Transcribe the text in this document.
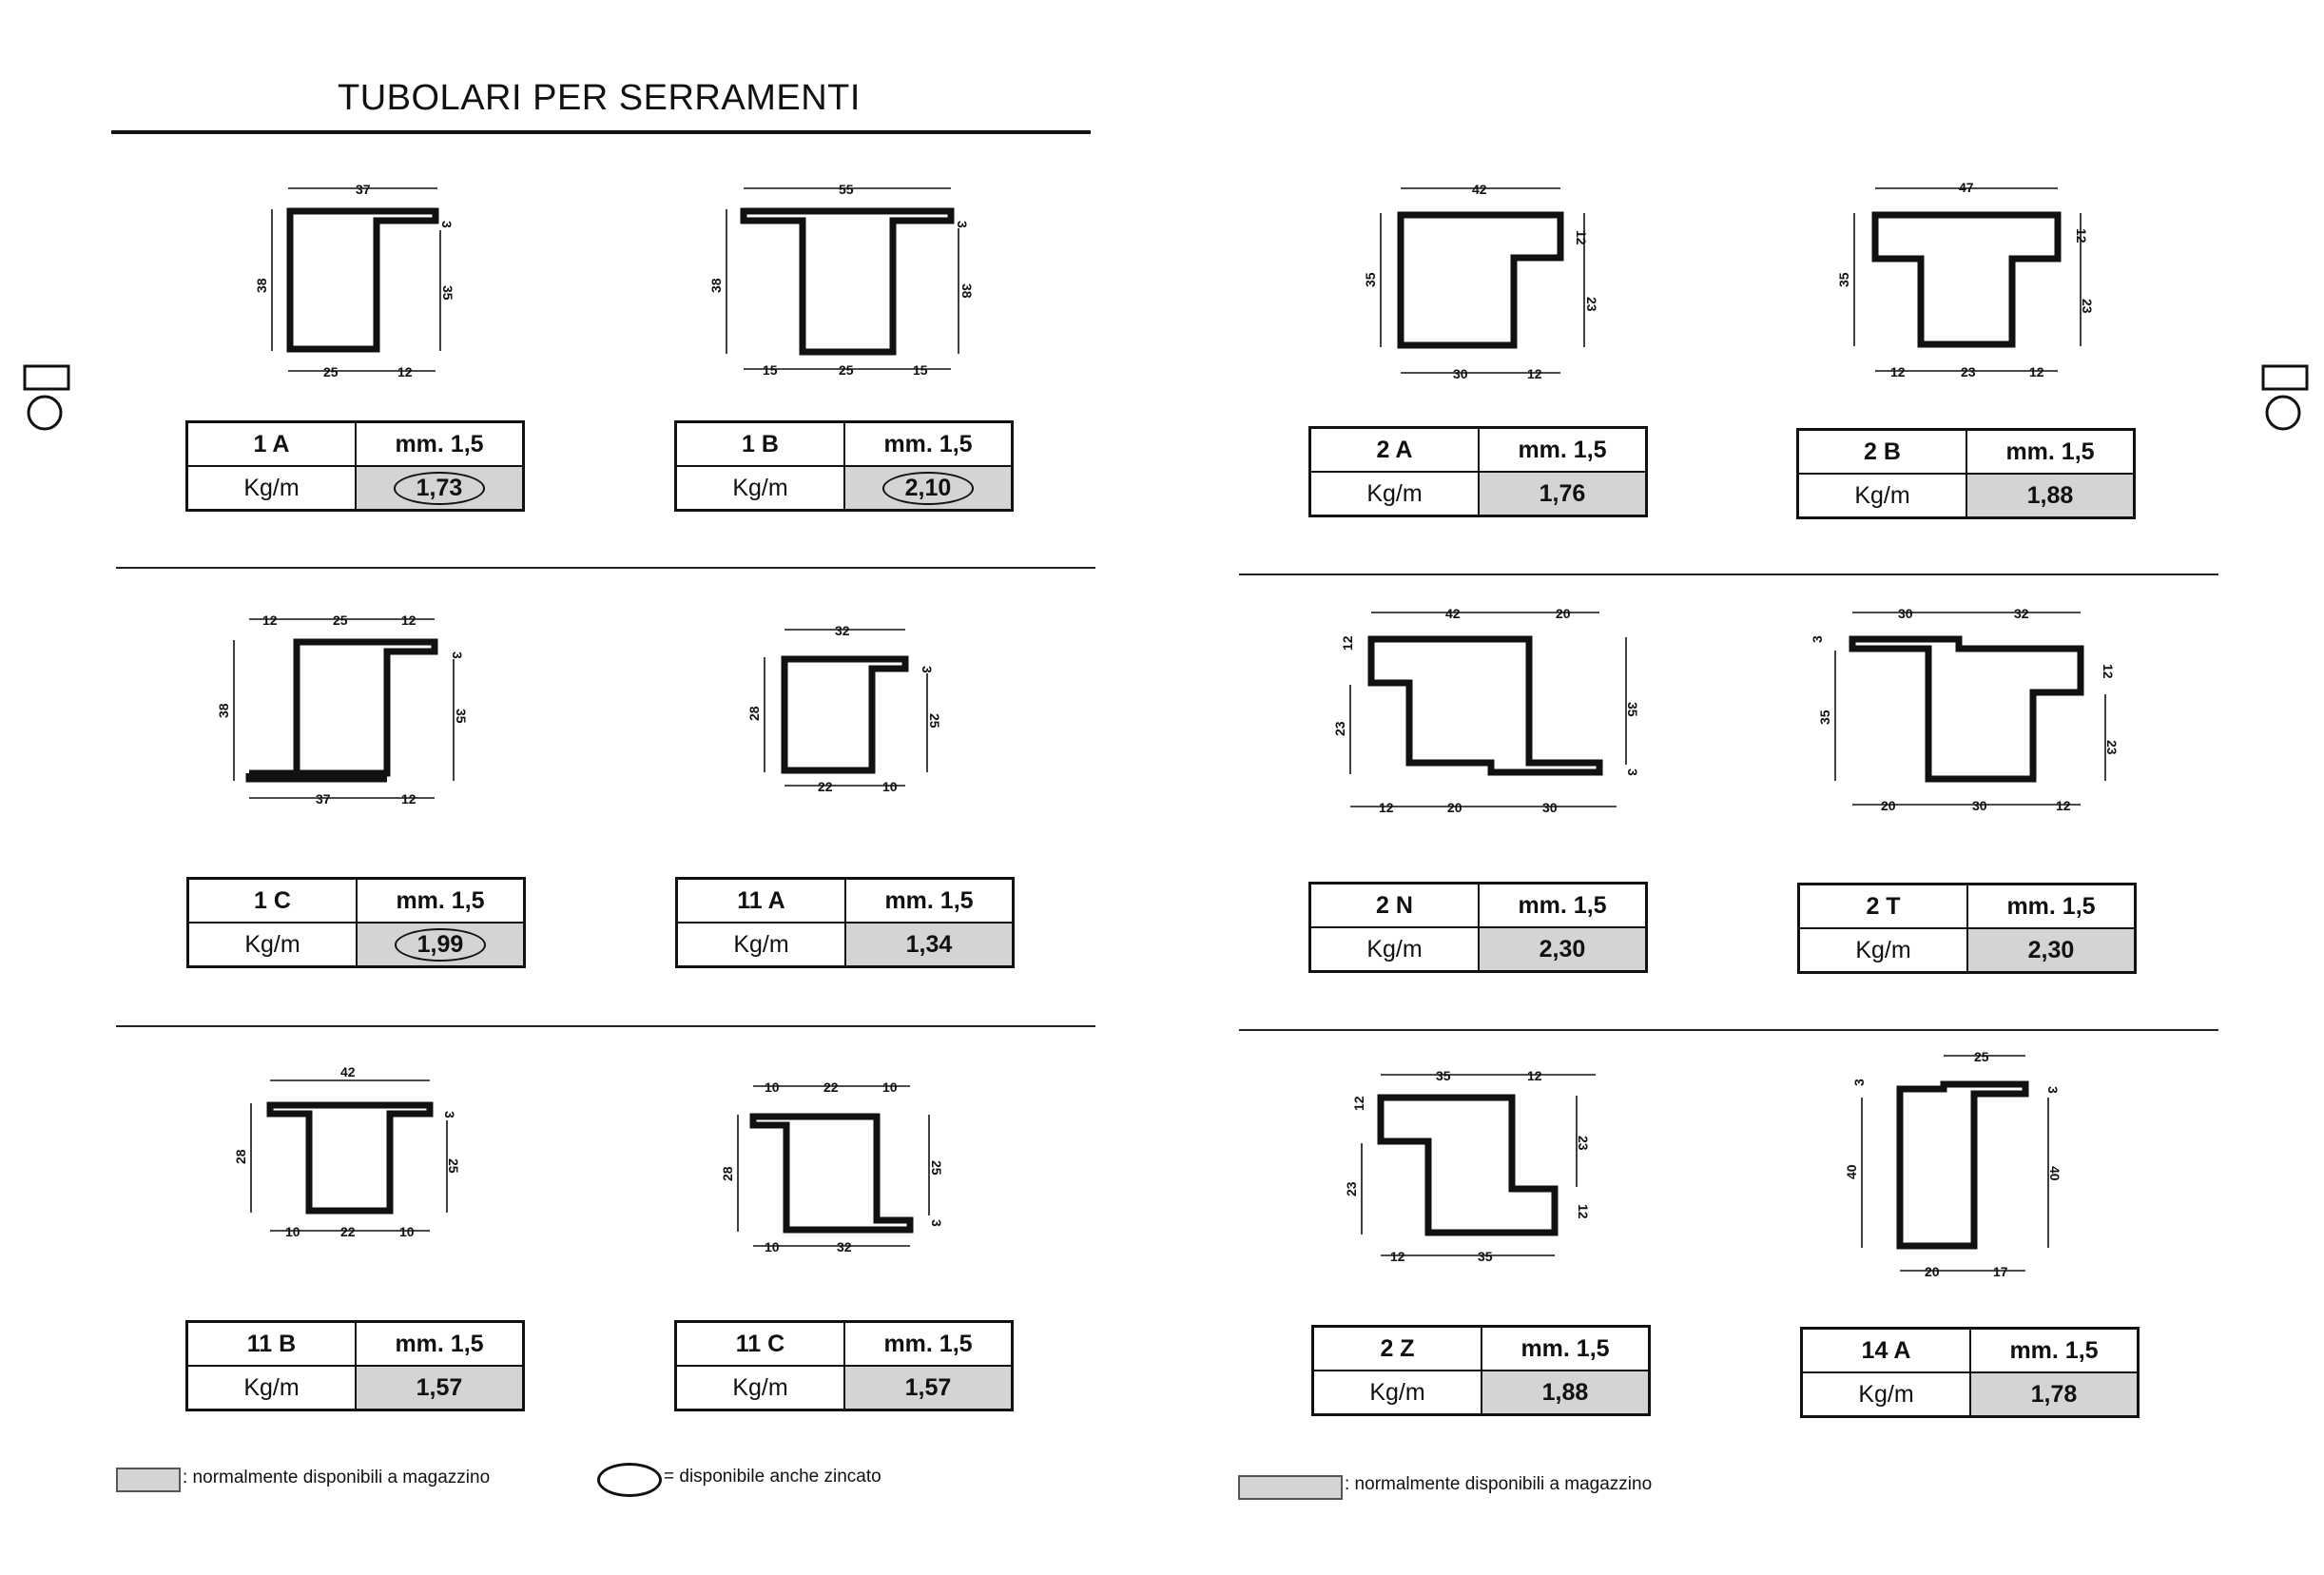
TUBOLARI PER SERRAMENTI
37
3
38	35
25	12
55
3
38	38
15	25	15
12	25	12
3
38	35
37	12
32
3
28	25
22	10
42
3
28
25
10	22	10
10	22	10
28	25
3
10	32
42
12
35
23
30	12
47
12
35
23
12	23	12
42	20
12
23
35
3
12	20	30
30	32
3
35
12
23
20	30	12
35	12
12
23
23
12
12	35
25
3
3
40	40
20	17
1 A	mm. 1,5
Kg/m	1,73
1 B	mm. 1,5
Kg/m	2,10
1 C	mm. 1,5
Kg/m	1,99
11 A	mm. 1,5
Kg/m	1,34
11 B	mm. 1,5
Kg/m	1,57
11 C	mm. 1,5
Kg/m	1,57
2 A	mm. 1,5
Kg/m	1,76
2 B	mm. 1,5
Kg/m	1,88
2 N	mm. 1,5
Kg/m	2,30
2 T	mm. 1,5
Kg/m	2,30
2 Z	mm. 1,5
Kg/m	1,88
14 A	mm. 1,5
Kg/m	1,78
: normalmente disponibili a magazzino	= disponibile anche zincato	: normalmente disponibili a magazzino
